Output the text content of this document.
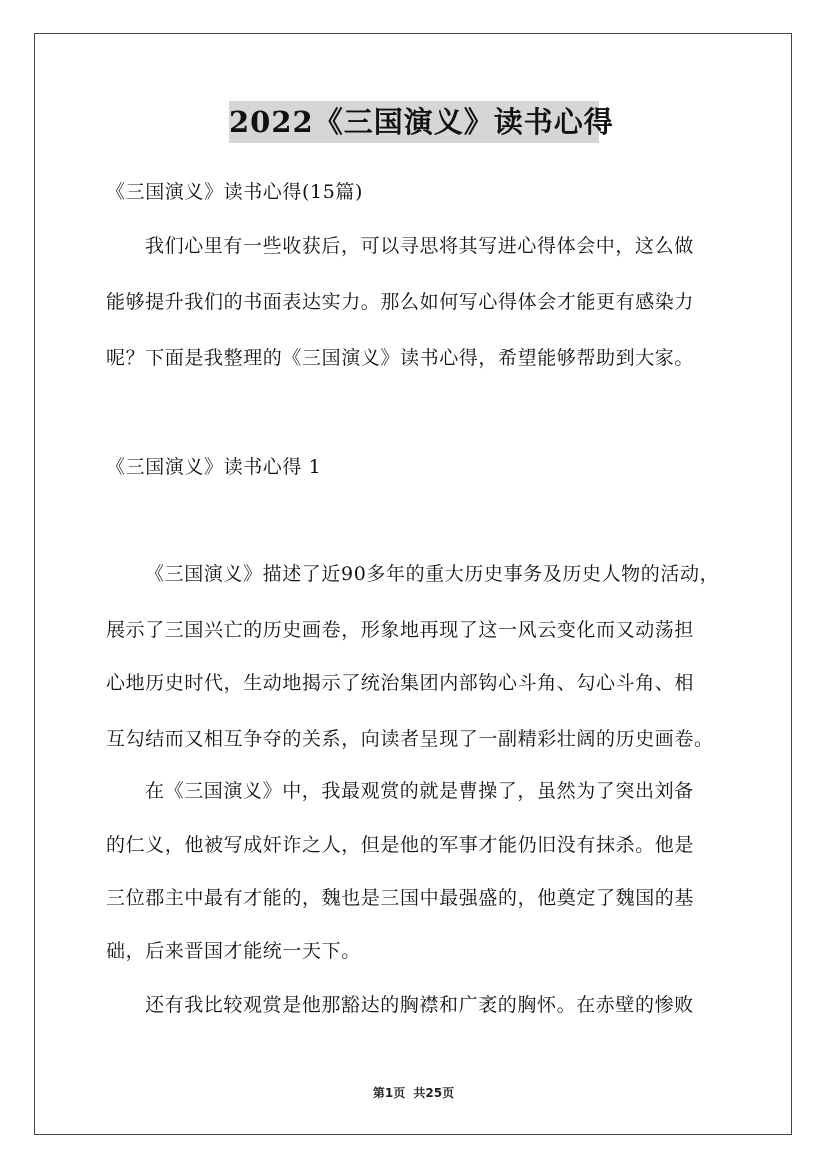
2022《三国演义》读书心得
《三国演义》读书心得(15篇)
我们心里有一些收获后，可以寻思将其写进心得体会中，这么做
能够提升我们的书面表达实力。那么如何写心得体会才能更有感染力
呢？下面是我整理的《三国演义》读书心得，希望能够帮助到大家。
《三国演义》读书心得 1
《三国演义》描述了近90多年的重大历史事务及历史人物的活动，
展示了三国兴亡的历史画卷，形象地再现了这一风云变化而又动荡担
心地历史时代，生动地揭示了统治集团内部钩心斗角、勾心斗角、相
互勾结而又相互争夺的关系，向读者呈现了一副精彩壮阔的历史画卷。
在《三国演义》中，我最观赏的就是曹操了，虽然为了突出刘备
的仁义，他被写成奸诈之人，但是他的军事才能仍旧没有抹杀。他是
三位郡主中最有才能的，魏也是三国中最强盛的，他奠定了魏国的基
础，后来晋国才能统一天下。
还有我比较观赏是他那豁达的胸襟和广袤的胸怀。在赤壁的惨败
第1页 共25页
